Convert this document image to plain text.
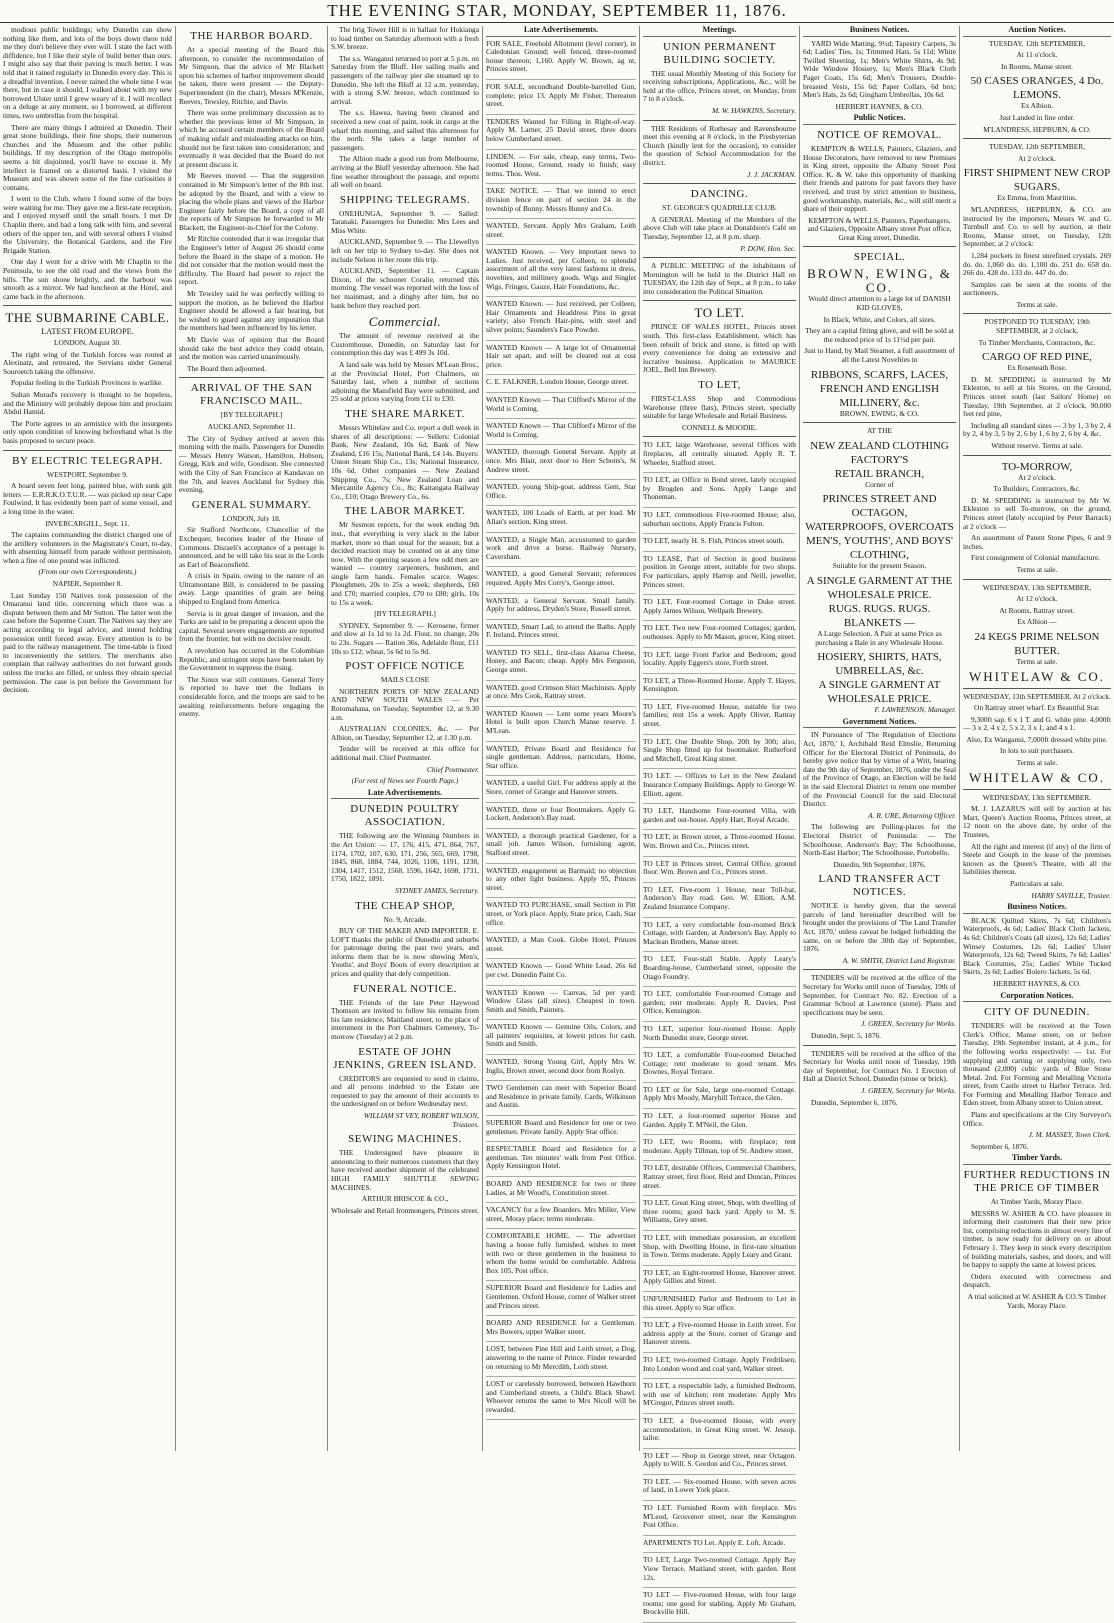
THE EVENING STAR, MONDAY, SEPTEMBER 11, 1876.

modious public buildings; why Dunedin can show nothing like them, and lots of the boys down there told me they don't believe they ever will. I state the fact with diffidence, but I like their style of build better than ours. I might also say that their paving is much better. I was told that it rained regularly in Dunedin every day. This is a dreadful invention. I never rained the whole time I was there, but in case it should, I walked about with my new borrowed Ulster until I grew weary of it. I will recollect on a deluge at any moment, so I borrowed, at different times, two umbrellas from the hospital.

There are many things I admired at Dunedin. Their great stone buildings, their fine shops, their numerous churches and the Museum and the other public buildings. If my description of the Otago metropolis seems a bit disjointed, you'll have to excuse it. My intellect is framed on a distorted basis. I visited the Museum and was shown some of the fine curiosities it contains.

I went to the Club, where I found some of the boys were waiting for me. They gave me a first-rate reception, and I enjoyed myself until the small hours. I met Dr Chaplin there, and had a long talk with him, and several others of the upper ten, and with several others I visited the University, the Botanical Gardens, and the Fire Brigade Station.

One day I went for a drive with Mr Chaplin to the Peninsula, to see the old road and the views from the hills. The sun shone brightly, and the harbour was smooth as a mirror. We had luncheon at the Hotel, and came back in the afternoon.

THE SUBMARINE CABLE.
LATEST FROM EUROPE.

LONDON, August 30.

The right wing of the Turkish forces was routed at Alexinatz, and retreated, the Servians under General Souroetch taking the offensive.

Popular feeling in the Turkish Provinces is warlike.

Sultan Murad's recovery is thought to be hopeless, and the Ministry will probably depose him and proclaim Abdul Hamid.

The Porte agrees to an armistice with the insurgents only upon condition of knowing beforehand what is the basis proposed to secure peace.

BY ELECTRIC TELEGRAPH.

WESTPORT, September 9.

A board seven feet long, painted blue, with sunk gilt letters — E.R.R.K.O.T.U.R. — was picked up near Cape Foulwind. It has evidently been part of some vessel, and a long time in the water.

INVERCARGILL, Sept. 11.

The captains commanding the district charged one of the artillery volunteers in the Magistrate's Court, to-day, with absenting himself from parade without permission, when a fine of one pound was inflicted.

(From our own Correspondents.)

NAPIER, September 8.

Last Sunday 150 Natives took possession of the Omaranui land title, concerning which there was a dispute between them and Mr Sutton. The latter won the case before the Supreme Court. The Natives say they are acting according to legal advice, and intend holding possession until forced away. Every attention is to be paid to the railway management. The time-table is fixed to inconveniently the settlers. The merchants also complain that railway authorities do not forward goods unless the trucks are filled, or unless they obtain special permission. The case is put before the Government for decision.

THE HARBOR BOARD.

At a special meeting of the Board this afternoon, to consider the recommendation of Mr Simpson, that the advice of Mr Blackett upon his schemes of harbor improvement should be taken, there were present — the Deputy-Superintendent (in the chair), Messrs M'Kenzie, Reeves, Tewsley, Ritchie, and Davie.

There was some preliminary discussion as to whether the previous letter of Mr Simpson, in which he accused certain members of the Board of making unfair and misleading attacks on him, should not be first taken into consideration; and eventually it was decided that the Board do not at present discuss it.

Mr Reeves moved — That the suggestion contained in Mr Simpson's letter of the 8th inst. be adopted by the Board, and with a view to placing the whole plans and views of the Harbor Engineer fairly before the Board, a copy of all the reports of Mr Simpson be forwarded to Mr Blackett, the Engineer-in-Chief for the Colony.

Mr Ritchie contended that it was irregular that the Engineer's letter of August 26 should come before the Board in the shape of a motion. He did not consider that the motion would meet the difficulty. The Board had power to reject the report.

Mr Tewsley said he was perfectly willing to support the motion, as he believed the Harbor Engineer should be allowed a fair hearing, but he wished to guard against any imputation that the members had been influenced by his letter.

Mr Davie was of opinion that the Board should take the best advice they could obtain, and the motion was carried unanimously.

The Board then adjourned.

ARRIVAL OF THE SAN FRANCISCO MAIL.

[BY TELEGRAPH.]

AUCKLAND, September 11.

The City of Sydney arrived at seven this morning with the mails. Passengers for Dunedin — Messrs Henry Watson, Hamilton, Hobson, Gregg, Kirk and wife, Goodison. She connected with the City of San Francisco at Kandavau on the 7th, and leaves Auckland for Sydney this evening.

GENERAL SUMMARY.

LONDON, July 18.

Sir Stafford Northcote, Chancellor of the Exchequer, becomes leader of the House of Commons. Disraeli's acceptance of a peerage is announced, and he will take his seat in the Lords as Earl of Beaconsfield.

A crisis in Spain, owing to the nature of an Ultramontane Bill, is considered to be passing away. Large quantities of grain are being shipped to England from America.

Servia is in great danger of invasion, and the Turks are said to be preparing a descent upon the capital. Several severe engagements are reported from the frontier, but with no decisive result.

A revolution has occurred in the Colombian Republic, and stringent steps have been taken by the Government to suppress the rising.

The Sioux war still continues. General Terry is reported to have met the Indians in considerable force, and the troops are said to be awaiting reinforcements before engaging the enemy.

The brig Tower Hill is in ballast for Hokianga to load timber on Saturday afternoon with a fresh S.W. breeze.

The s.s. Wanganui returned to port at 5 p.m. on Saturday from the Bluff. Her sailing mails and passengers of the railway pier she steamed up to Dunedin. She left the Bluff at 12 a.m. yesterday, with a strong S.W. breeze, which continued to arrival.

The s.s. Hawea, having been cleaned and received a new coat of paint, took in cargo at the wharf this morning, and sailed this afternoon for the north. She takes a large number of passengers.

The Albion made a good run from Melbourne, arriving at the Bluff yesterday afternoon. She had fine weather throughout the passage, and reports all well on board.

SHIPPING TELEGRAMS.

ONEHUNGA, September 9. — Sailed: Taranaki. Passengers for Dunedin: Mrs Lees and Miss White.

AUCKLAND, September 9. — The Llewellyn left on her trip to Sydney to-day. She does not include Nelson in her route this trip.

AUCKLAND, September 11. — Captain Dixon, of the schooner Coralie, returned this morning. The vessel was reported with the loss of her mainmast, and a dinghy after him, but no bank before they reached port.

Commercial.

The amount of revenue received at the Customhouse, Dunedin, on Saturday last for consumption this day was £ 499 3s 10d.

A land sale was held by Messrs M'Lean Bros., at the Provincial Hotel, Port Chalmers, on Saturday last, when a number of sections adjoining the Mansfield Bay were submitted, and 25 sold at prices varying from £11 to £30.

THE SHARE MARKET.

Messrs Whitelaw and Co. report a dull week in shares of all descriptions: — Sellers: Colonial Bank, New Zealand, 10s 6d; Bank of New Zealand, £16 15s; National Bank, £4 14s. Buyers: Union Steam Ship Co., 13s; National Insurance, 10s 6d. Other companies — New Zealand Shipping Co., 7s; New Zealand Loan and Mercantile Agency Co., 8s; Kaitangata Railway Co., £10; Otago Brewery Co., 6s.

THE LABOR MARKET.

Mr Sesmon reports, for the week ending 9th inst., that everything is very slack in the labor market, more so than usual for the season; but a decided reaction may be counted on at any time now. With the opening season a few odd men are wanted — country carpenters, bushmen, and single farm hands. Females scarce. Wages: Ploughmen, 20s to 25s a week; shepherds, £60 and £70; married couples, £70 to £80; girls, 10s to 15s a week.

[BY TELEGRAPH.]

SYDNEY, September 9. — Kerosene, firmer and slow at 1s 1d to 1s 2d. Flour, no change, 20s to 23s. Sugars — Ration 36s, Adelaide flour, £11 10s to £12; wheat, 5s 6d to 5s 9d.

POST OFFICE NOTICE

MAILS CLOSE

NORTHERN PORTS OF NEW ZEALAND AND NEW SOUTH WALES — Per Rotomahana, on Tuesday, September 12, at 9.30 a.m.

AUSTRALIAN COLONIES, &c. — Per Albion, on Tuesday, September 12, at 1.30 p.m.

Tender will be received at this office for additional mail. Chief Postmaster.

Chief Postmaster.

(For rest of News see Fourth Page.)

Late Advertisements.
DUNEDIN POULTRY ASSOCIATION.

THE following are the Winning Numbers in the Art Union: — 17, 176, 415, 471, 864, 767, 1174, 1702, 107, 630, 171, 256, 565, 669, 1798, 1845, 868, 1884, 744, 1026, 1106, 1191, 1238, 1304, 1417, 1512, 1568, 1596, 1642, 1698, 1731, 1750, 1822, 1891.

SYDNEY JAMES, Secretary.

THE CHEAP SHOP,

No. 9, Arcade.

BUY OF THE MAKER AND IMPORTER. E. LOFT thanks the public of Dunedin and suburbs for patronage during the past two years, and informs them that he is now showing Men's, Youths', and Boys' Boots of every description at prices and quality that defy competition.

FUNERAL NOTICE.

THE Friends of the late Peter Haywood Thomson are invited to follow his remains from his late residence, Maitland street, to the place of internment in the Port Chalmers Cemetery, To-morrow (Tuesday) at 2 p.m.

ESTATE OF JOHN JENKINS, GREEN ISLAND.

CREDITORS are requested to send in claims, and all persons indebted to the Estate are requested to pay the amount of their accounts to the undersigned on or before Wednesday next.

WILLIAM ST VEY, ROBERT WILSON, Trustees.

SEWING MACHINES.

THE Undersigned have pleasure in announcing to their numerous customers that they have received another shipment of the celebrated HIGH FAMILY SHUTTLE SEWING MACHINES.

ARTHUR BRISCOE & CO.,

Wholesale and Retail Ironmongers, Princes street.

Late Advertisements.

FOR SALE, Freehold Allotment (level corner), in Caledonian Ground; well fenced, three-roomed house thereon; 1,160. Apply W. Brown, ag nt, Princes street.

FOR SALE, secondhand Double-barrelled Gun, complete; price 13. Apply Mr Fisher, Thereaton street.

TENDERS Wanted for Filling in Right-of-way. Apply M. Larner, 25 David street, three doors below Cumberland street.

LINDEN. — For sale, cheap, easy terms, Two-roomed House, Ground, ready to finish; easy terms. Thos. West.

TAKE NOTICE. — That we intend to erect division fence on part of section 24 in the township of Bunny. Messrs Bunny and Co.

WANTED, Servant. Apply Mrs Graham, Leith street.

WANTED Known. — Very important news to Ladies. Just received, per Colleen, to splendid assortment of all the very latest fashions in dress, novelties, and millinery goods. Wigs and Singlet Wigs, Fringes, Gauze, Hair Foundations, &c.

WANTED Known. — Just received, per Colleen, Hair Ornaments and Headdress Pins in great variety; also French Hair-pins, with steel and silver points; Saunders's Face Powder.

WANTED Known — A large lot of Ornamental Hair set apart, and will be cleared out at cost price.

C. E. FALKNER, London House, George street.

WANTED Known — That Clifford's Mirror of the World is Coming.

WANTED Known — That Clifford's Mirror of the World is Coming.

WANTED, thorough General Servant. Apply at once. Mrs Blair, next door to Herr Scbotts's, St Andrew street.

WANTED, young Ship-goat, address Gem, Star Office.

WANTED, 100 Loads of Earth, at per load. Mr Allan's section, King street.

WANTED, a Single Man, accustomed to garden work and drive a horse. Railway Nursery, Caversham.

WANTED, a good General Servant; references required. Apply Mrs Corry's, George street.

WANTED, a General Servant. Small family. Apply for address, Dryden's Store, Russell street.

WANTED, Smart Lad, to attend the Baths. Apply F. Ireland, Princes street.

WANTED TO SELL, first-class Akaroa Cheese, Honey, and Bacon; cheap. Apply Mrs Ferguson, George street.

WANTED, good Crimson Shirt Machinists. Apply at once. Mrs Cook, Rattray street.

WANTED Known — Lent some years Moore's Hotel is built upon Church Manse reserve. J. M'Lean.

WANTED, Private Board and Residence for single gentleman. Address, particulars, Home, Star office.

WANTED, a useful Girl. For address apply at the Store, corner of Grange and Hanover streets.

WANTED, three or four Bootmakers. Apply G. Lockett, Anderson's Bay road.

WANTED, a thorough practical Gardener, for a small job. James Wilson, furnishing agent, Stafford street.

WANTED, engagement as Barmaid; no objection to any other light business. Apply 95, Princes street.

WANTED TO PURCHASE, small Section in Pitt street, or York place. Apply, State price, Cash, Star office.

WANTED, a Man Cook. Globe Hotel, Princes street.

WANTED Known — Good White Lead, 26s 6d per cwt. Dunedin Paint Co.

WANTED Known — Canvas, 5d per yard; Window Glass (all sizes). Cheapest in town. Smith and Smith, Painters.

WANTED Known — Genuine Oils, Colors, and all painters' requisites, at lowest prices for cash. Smith and Smith.

WANTED, Strong Young Girl, Apply Mrs W. Inglis, Brown street, second door from Roslyn.

TWO Gentlemen can meet with Superior Board and Residence in private family. Cards, Wilkinson and Austin.

SUPERIOR Board and Residence for one or two gentlemen. Private family. Apply Star office.

RESPECTABLE Board and Residence for a gentleman. Ten minutes' walk from Post Office. Apply Kensington Hotel.

BOARD AND RESIDENCE for two or three Ladies, at Mr Wood's, Constitution street.

VACANCY for a few Boarders. Mrs Miller, View street, Moray place; terms moderate.

COMFORTABLE HOME. — The advertiser having a house fully furnished, wishes to meet with two or three gentlemen in the business to whom the home would be comfortable. Address Box 105, Post office.

SUPERIOR Board and Residence for Ladies and Gentlemen. Oxford House, corner of Walker street and Princes street.

BOARD AND RESIDENCE for a Gentleman. Mrs Bowers, upper Walker street.

LOST, between Pine Hill and Leith street, a Dog, answering to the name of Prince. Finder rewarded on returning to Mr Mercdith, Leith street.

LOST or carelessly borrowed, between Hawthorn and Cumberland streets, a Child's Black Shawl. Whoever returns the same to Mrs Nicoll will be rewarded.

Meetings.
UNION PERMANENT BUILDING SOCIETY.

THE usual Monthly Meeting of this Society for receiving subscriptions, Applications, &c., will be held at the office, Princes street, on Monday, from 7 to 8 o'clock.

M. W. HAWKINS, Secretary.

THE Residents of Rothesay and Ravensbourne meet this evening at 8 o'clock, in the Presbyterian Church (kindly lent for the occasion), to consider the question of School Accommodation for the district.

J. J. JACKMAN.

DANCING.

ST. GEORGE'S QUADRILLE CLUB.

A GENERAL Meeting of the Members of the above Club will take place at Donaldson's Café on Tuesday, September 12, at 8 p.m. sharp.

P. DOW, Hon. Sec.

A PUBLIC MEETING of the inhabitants of Mornington will be held in the District Hall on TUESDAY, the 12th day of Sept., at 8 p.m., to take into consideration the Political Situation.

TO LET.

PRINCE OF WALES HOTEL, Princes street south. This first-class Establishment, which has been rebuilt of brick and stone, is fitted up with every convenience for doing an extensive and lucrative business. Application to MAURICE JOEL, Bell Inn Brewery.

TO LET,

FIRST-CLASS Shop and Commodious Warehouse (three flats), Princes street, specially suitable for large Wholesale and Retail Business.

CONNELL & MOODIE.

TO LET, large Warehouse, several Offices with fireplaces, all centrally situated. Apply R. T. Wheeler, Stafford street.

TO LET, an Office in Bond street, lately occupied by Brogden and Sons. Apply Lange and Thoneman.

TO LET, commodious Five-roomed House; also, suburban sections. Apply Francis Fulton.

TO LET, nearly H. S. Fish, Princes street south.

TO LEASE, Part of Section in good business position in George street, suitable for two shops. For particulars, apply Harrop and Neill, jeweller, Princes street.

TO LET, Four-roomed Cottage in Duke street. Apply James Wilson, Wellpark Brewery.

TO LET, Two new Four-roomed Cottages; garden, outhouses. Apply to Mr Mason, grocer, King street.

TO LET, large Front Parlor and Bedroom; good locality. Apply Eggers's store, Forth street.

TO LET, a Three-Roomed House. Apply T. Hayes, Kensington.

TO LET, Five-roomed House, suitable for two families; rent 15s a week. Apply Oliver, Rattray street.

TO LET, One Double Shop, 20ft by 30ft; also, Single Shop fitted up for bootmaker. Rutherford and Mitchell, Great King street.

TO LET. — Offices to Let in the New Zealand Insurance Company Buildings. Apply to George W. Elliott, agent.

TO LET, Handsome Four-roomed Villa, with garden and out-house. Apply Hart, Royal Arcade.

TO LET, in Brown street, a Three-roomed House. Wm. Brown and Co., Princes street.

TO LET in Princes street, Central Office, ground floor. Wm. Brown and Co., Princes street.

TO LET, Five-room 1 House, near Toll-bar, Anderson's Bay road. Geo. W. Elliott, A.M. Zealand Insurance Company.

TO LET, a very comfortable four-roomed Brick Cottage, with Garden, at Anderson's Bay. Apply to Maclean Brothers, Manse street.

TO LET, Four-stall Stable. Apply Leary's Boarding-house, Cumberland street, opposite the Otago Foundry.

TO LET, comfortable Four-roomed Cottage and garden; rent moderate. Apply R. Davies, Post Office, Kensington.

TO LET, superior four-roomed House. Apply North Dunedin store, George street.

TO LET, a comfortable Four-roomed Detached Cottage; rent moderate to good tenant. Mrs Downes, Royal Terrace.

TO LET or for Sale, large one-roomed Cottage. Apply Mrs Moody, Maryhill Terrace, the Glen.

TO LET, a four-roomed superior House and Garden. Apply T. M'Neil, the Glen.

TO LET, two Rooms, with fireplace; rent moderate. Apply Tillman, top of St. Andrew street.

TO LET, desirable Offices, Commercial Chambers, Rattray street, first floor. Reid and Duncan, Princes street.

TO LET, Great King street, Shop, with dwelling of three rooms; good back yard. Apply to M. S. Williams, Grey street.

TO LET, with immediate possession, an excellent Shop, with Dwelling House, in first-rate situation in Town. Terms moderate. Apply Leary and Grant.

TO LET, an Eight-roomed House, Hanover street. Apply Gillies and Street.

UNFURNISHED Parlor and Bedroom to Let in this street. Apply to Star office.

TO LET, a Five-roomed House in Leith street. For address apply at the Store, corner of Grange and Hanover streets.

TO LET, two-roomed Cottage. Apply Fredriksen, Into London wood and coal yard, Walker street.

TO LET, a respectable lady, a furnished Bedroom, with use of kitchen; rent moderate. Apply Mrs M'Gregor, Princes street south.

TO LET, a five-roomed House, with every accommodation, in Great King street. W. Jessop, tailor.

TO LET — Shop in George street, near Octagon. Apply to Will. S. Gordon and Co., Princes street.

TO LET. — Six-roomed House, with seven acres of land, in Lower York place.

TO LET. Furnished Room with fireplace. Mrs M'Leod, Grosvenor street, near the Kensington Post Office.

APARTMENTS TO Let. Apply E. Loft, Arcade.

TO LET, Large Two-roomed Cottage. Apply Bay View Terrace, Maitland street, with garden. Rent 12s.

TO LET — Five-roomed House, with four large rooms; one good for stabling. Apply Mr Graham, Brockville Hill.

Business Notices.

YARD Wide Matting, 9½d; Tapestry Carpets, 3s 6d; Ladies' Ties, 1s; Trimmed Hats, 5s 11d; White Twilled Sheeting, 1s; Men's White Shirts, 4s 9d; Wide Window Hosiery, 1s; Men's Black Cloth Paget Coats, 15s 6d; Men's Trousers, Double-breasted Vests, 15s 6d; Paper Collars, 6d box; Men's Hats, 2s 6d; Gingham Umbrellas, 10s 6d.

HERBERT HAYNES, & CO.

Public Notices.
NOTICE OF REMOVAL.

KEMPTON & WELLS, Painters, Glaziers, and House Decorators, have removed to new Premises in King street, opposite the Albany Street Post Office. K. & W. take this opportunity of thanking their friends and patrons for past favors they have received, and trust by strict attention to business, good workmanship, materials, &c., will still merit a share of their support.

KEMPTON & WELLS, Painters, Paperhangers, and Glaziers, Opposite Albany street Post office, Great King street, Dunedin.

SPECIAL.
BROWN, EWING, & CO.

Would direct attention to a large lot of DANISH KID GLOVES,

In Black, White, and Colors, all sizes.

They are a capital fitting glove, and will be sold at the reduced price of 1s 11½d per pair.

Just to Hand, by Mail Steamer, a full assortment of all the Latest Novelties in

RIBBONS, SCARFS, LACES,
FRENCH AND ENGLISH MILLINERY, &c.

BROWN, EWING, & CO.

AT THE

NEW ZEALAND CLOTHING FACTORY'S
RETAIL BRANCH,

Corner of

PRINCES STREET AND OCTAGON,
WATERPROOFS, OVERCOATS MEN'S, YOUTHS', AND BOYS' CLOTHING,

Suitable for the present Season,

A SINGLE GARMENT AT THE WHOLESALE PRICE.
RUGS. RUGS. RUGS.
BLANKETS —

A Large Selection. A Pair at same Price as purchasing a Bale in any Wholesale House.

HOSIERY, SHIRTS, HATS, UMBRELLAS, &c.
A SINGLE GARMENT AT WHOLESALE PRICE.

F. LAWRENSON, Manager.

Government Notices.

IN Pursuance of 'The Regulation of Elections Act, 1870,' I, Archibald Reid Elmslie, Returning Officer for the Electoral District of Peninsula, do hereby give notice that by virtue of a Writ, bearing date the 9th day of September, 1876, under the Seal of the Province of Otago, an Election will be held in the said Electoral District to return one member of the Provincial Council for the said Electoral District.

A. R. URE, Returning Officer.

The following are Polling-places for the Electoral District of Peninsula: — The Schoolhouse, Anderson's Bay; The Schoolhouse, North-East Harbor; The Schoolhouse, Portobello.

Dunedin, 9th September, 1876.

LAND TRANSFER ACT NOTICES.

NOTICE is hereby given, that the several parcels of land hereinafter described will be brought under the provisions of 'The Land Transfer Act, 1870,' unless caveat be lodged forbidding the same, on or before the 30th day of September, 1876.

A. W. SMITH, District Land Registrar.

TENDERS will be received at the office of the Secretary for Works until noon of Tuesday, 19th of September, for Contract No. 82. Erection of a Grammar School at Lawrence (stone). Plans and specifications may be seen.

J. GREEN, Secretary for Works.

Dunedin, Sept. 5, 1876.

TENDERS will be received at the office of the Secretary for Works until noon of Tuesday, 19th day of September, for Contract No. 1 Erection of Hall at District School, Dunedin (stone or brick).

J. GREEN, Secretary for Works.

Dunedin, September 6, 1876.

Auction Notices.

TUESDAY, 12th SEPTEMBER,

At 11 o'clock.

In Rooms, Manse street.

50 CASES ORANGES, 4 Do. LEMONS.

Ex Albion.

Just Landed in fine order.

M'LANDRESS, HEPBURN, & CO.

TUESDAY, 12th SEPTEMBER,

At 2 o'clock.

FIRST SHIPMENT NEW CROP SUGARS.

Ex Emma, from Mauritius.

M'LANDRESS, HEPBURN, & CO. are instructed by the importers, Messrs W. and G. Turnbull and Co. to sell by auction, at their Rooms, Manse street, on Tuesday, 12th September, at 2 o'clock:

1,284 pockets in finest unrefined crystals. 269 do. do. 1,060 do. do. 1,100 do. 251 do. 658 do. 266 do. 428 do. 133 do. 447 do. do.

Samples can be seen at the rooms of the auctioneers.

Terms at sale.

POSTPONED TO TUESDAY, 19th SEPTEMBER, at 2 o'clock,

To Timber Merchants, Contractors, &c.

CARGO OF RED PINE,

Ex Roseneath Rose.

D. M. SPEDDING is instructed by Mr Ekleston, to sell at his Stores, on the Ground, Princes street south (last Sailors' Home) on Tuesday, 19th September, at 2 o'clock, 90,000 feet red pine,

Including all standard sizes — 3 by 1, 3 by 2, 4 by 2, 4 by 3, 5 by 2, 6 by 1, 6 by 2, 6 by 4, &c.

Without reserve. Terms at sale.

TO-MORROW,

At 2 o'clock.

To Builders, Contractors, &c.

D. M. SPEDDING is instructed by Mr W. Ekleston to sell To-morrow, on the ground, Princes street (lately occupied by Peter Barrack) at 2 o'clock —

An assortment of Patent Stone Pipes, 6 and 9 inches.

First consignment of Colonial manufacture.

Terms at sale.

WEDNESDAY, 13th SEPTEMBER,

At 12 o'clock.

At Rooms, Rattray street.

Ex Albion —

24 KEGS PRIME NELSON BUTTER.

Terms at sale.

WHITELAW & CO.

WEDNESDAY, 13th SEPTEMBER, At 2 o'clock.

On Rattray street wharf. Ex Beautiful Star.

9,300ft sap. 6 x 1 T. and G. white pine. 4,000ft — 3 x 2, 4 x 2, 5 x 2, 3 x 1, and 4 x 1.

Also, Ex Wanganui, 7,000ft dressed white pine.

In lots to suit purchasers.

Terms at sale.

WHITELAW & CO.

WEDNESDAY, 13th SEPTEMBER.

M. J. LAZARUS will sell by auction at his Mart, Queen's Auction Rooms, Princes street, at 12 noon on the above date, by order of the Trustees,

All the right and interest (if any) of the firm of Steele and Gouph in the lease of the premises known as the Queen's Theatre, with all the liabilities thereon.

Particulars at sale.

HARRY SAVILLE, Trustee.

Business Notices.

BLACK Quilted Skirts, 7s 6d; Children's Waterproofs, 4s 6d; Ladies' Black Cloth Jackets, 4s 6d; Children's Coats (all sizes), 12s 6d; Ladies' Winsey Costumes, 12s 6d; Ladies' Ulster Waterproofs, 12s 6d; Tweed Skirts, 7s 6d; Ladies' Black Costumes, 25s; Ladies' White Tucked Skirts, 2s 6d; Ladies' Bolero Jackets, 5s 6d.

HERBERT HAYNES, & CO.

Corporation Notices.
CITY OF DUNEDIN.

TENDERS will be received at the Town Clerk's Office, Manse street, on or before Tuesday, 19th September instant, at 4 p.m., for the following works respectively: — 1st. For supplying and carting or supplying only, two thousand (2,000) cubic yards of Blue Stone Metal. 2nd. For Forming and Metalling Victoria street, from Castle street to Harbor Terrace. 3rd. For Forming and Metalling Harbor Terrace and Eden street, from Albany street to Union street.

Plans and specifications at the City Surveyor's Office.

J. M. MASSEY, Town Clerk.

September 6, 1876.

Timber Yards.
FURTHER REDUCTIONS IN THE PRICE OF TIMBER

At Timber Yards, Moray Place.

MESSRS W. ASHER & CO. have pleasure in informing their customers that their new price list, comprising reductions in almost every line of timber, is now ready for delivery on or about February 1. They keep in stock every description of building materials, sashes, and doors, and will be happy to supply the same at lowest prices.

Orders executed with correctness and despatch.

A trial solicited at W. ASHER & CO.'S Timber Yards, Moray Place.
